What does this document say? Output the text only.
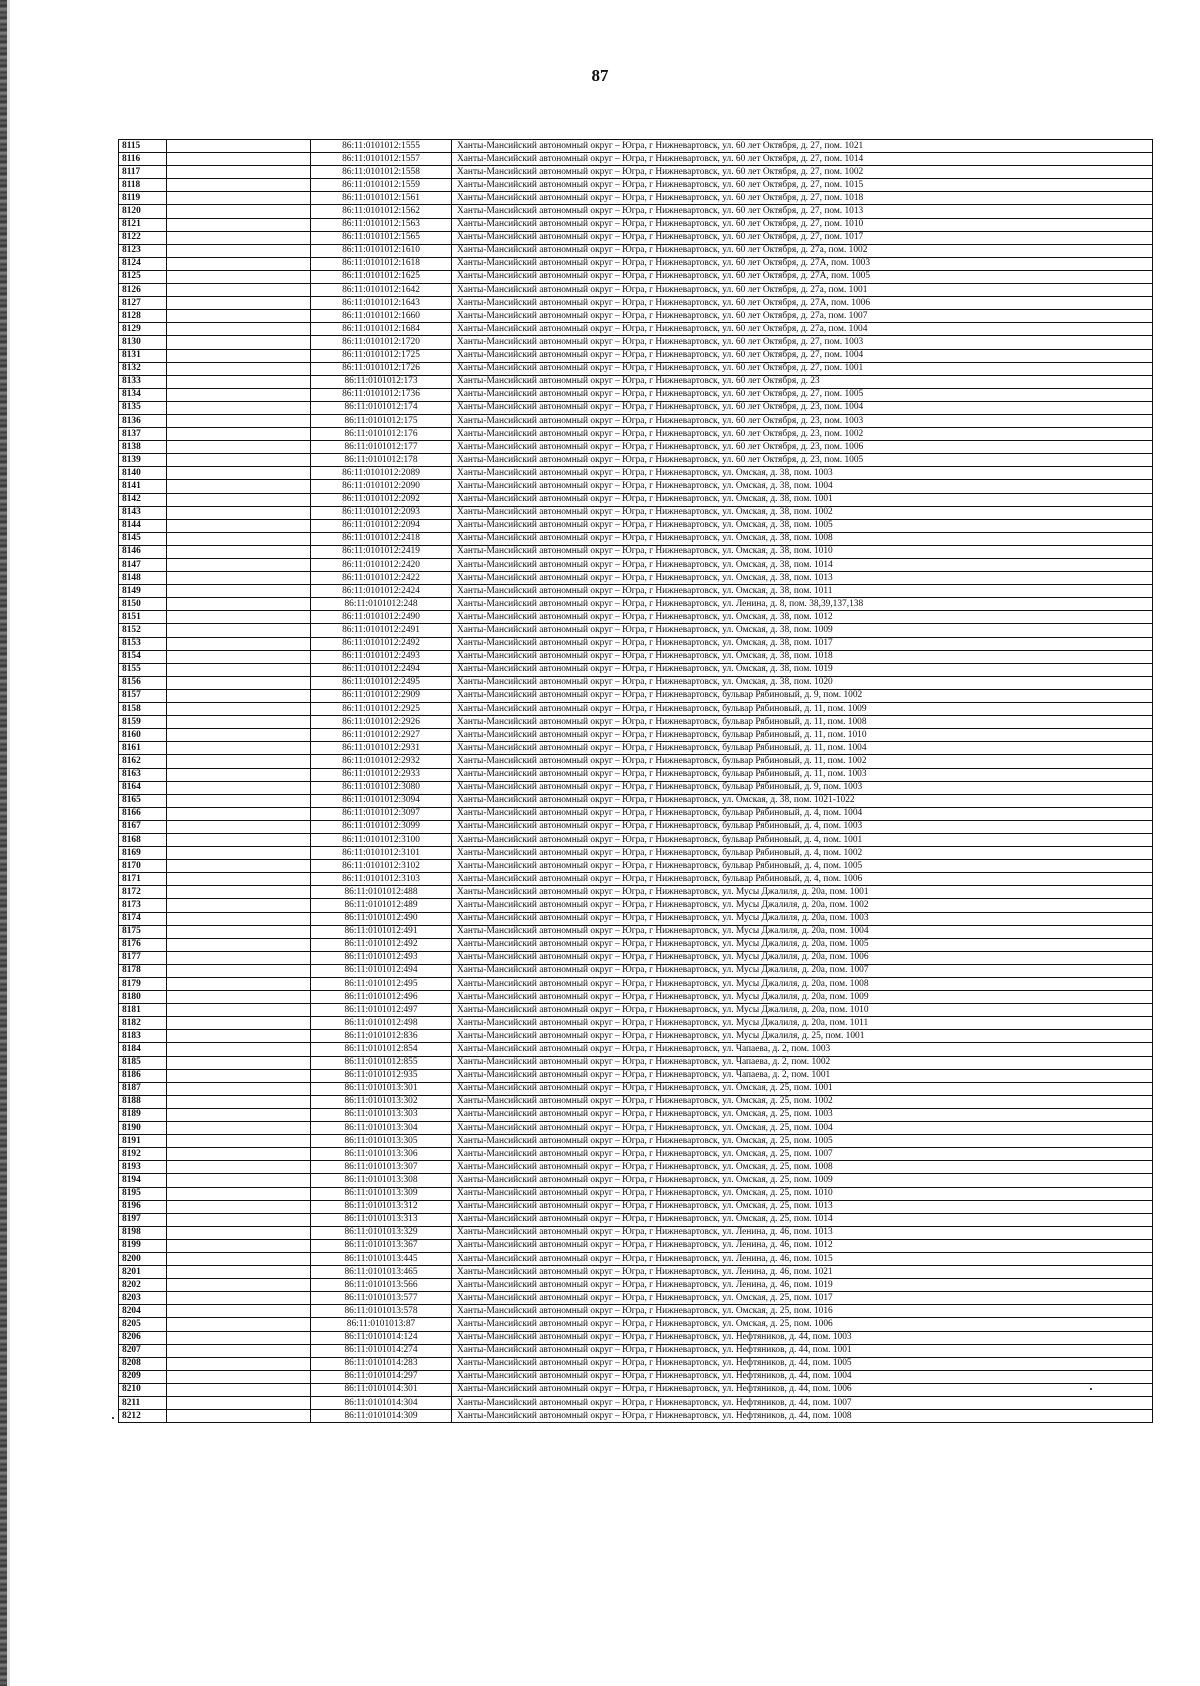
87
8115		86:11:0101012:1555	Ханты-Мансийский автономный округ – Югра, г Нижневартовск, ул. 60 лет Октября, д. 27, пом. 1021
8116		86:11:0101012:1557	Ханты-Мансийский автономный округ – Югра, г Нижневартовск, ул. 60 лет Октября, д. 27, пом. 1014
8117		86:11:0101012:1558	Ханты-Мансийский автономный округ – Югра, г Нижневартовск, ул. 60 лет Октября, д. 27, пом. 1002
8118		86:11:0101012:1559	Ханты-Мансийский автономный округ – Югра, г Нижневартовск, ул. 60 лет Октября, д. 27, пом. 1015
8119		86:11:0101012:1561	Ханты-Мансийский автономный округ – Югра, г Нижневартовск, ул. 60 лет Октября, д. 27, пом. 1018
8120		86:11:0101012:1562	Ханты-Мансийский автономный округ – Югра, г Нижневартовск, ул. 60 лет Октября, д. 27, пом. 1013
8121		86:11:0101012:1563	Ханты-Мансийский автономный округ – Югра, г Нижневартовск, ул. 60 лет Октября, д. 27, пом. 1010
8122		86:11:0101012:1565	Ханты-Мансийский автономный округ – Югра, г Нижневартовск, ул. 60 лет Октября, д. 27, пом. 1017
8123		86:11:0101012:1610	Ханты-Мансийский автономный округ – Югра, г Нижневартовск, ул. 60 лет Октября, д. 27а, пом. 1002
8124		86:11:0101012:1618	Ханты-Мансийский автономный округ – Югра, г Нижневартовск, ул. 60 лет Октября, д. 27А, пом. 1003
8125		86:11:0101012:1625	Ханты-Мансийский автономный округ – Югра, г Нижневартовск, ул. 60 лет Октября, д. 27А, пом. 1005
8126		86:11:0101012:1642	Ханты-Мансийский автономный округ – Югра, г Нижневартовск, ул. 60 лет Октября, д. 27а, пом. 1001
8127		86:11:0101012:1643	Ханты-Мансийский автономный округ – Югра, г Нижневартовск, ул. 60 лет Октября, д. 27А, пом. 1006
8128		86:11:0101012:1660	Ханты-Мансийский автономный округ – Югра, г Нижневартовск, ул. 60 лет Октября, д. 27а, пом. 1007
8129		86:11:0101012:1684	Ханты-Мансийский автономный округ – Югра, г Нижневартовск, ул. 60 лет Октября, д. 27а, пом. 1004
8130		86:11:0101012:1720	Ханты-Мансийский автономный округ – Югра, г Нижневартовск, ул. 60 лет Октября, д. 27, пом. 1003
8131		86:11:0101012:1725	Ханты-Мансийский автономный округ – Югра, г Нижневартовск, ул. 60 лет Октября, д. 27, пом. 1004
8132		86:11:0101012:1726	Ханты-Мансийский автономный округ – Югра, г Нижневартовск, ул. 60 лет Октября, д. 27, пом. 1001
8133		86:11:0101012:173	Ханты-Мансийский автономный округ – Югра, г Нижневартовск, ул. 60 лет Октября, д. 23
8134		86:11:0101012:1736	Ханты-Мансийский автономный округ – Югра, г Нижневартовск, ул. 60 лет Октября, д. 27, пом. 1005
8135		86:11:0101012:174	Ханты-Мансийский автономный округ – Югра, г Нижневартовск, ул. 60 лет Октября, д. 23, пом. 1004
8136		86:11:0101012:175	Ханты-Мансийский автономный округ – Югра, г Нижневартовск, ул. 60 лет Октября, д. 23, пом. 1003
8137		86:11:0101012:176	Ханты-Мансийский автономный округ – Югра, г Нижневартовск, ул. 60 лет Октября, д. 23, пом. 1002
8138		86:11:0101012:177	Ханты-Мансийский автономный округ – Югра, г Нижневартовск, ул. 60 лет Октября, д. 23, пом. 1006
8139		86:11:0101012:178	Ханты-Мансийский автономный округ – Югра, г Нижневартовск, ул. 60 лет Октября, д. 23, пом. 1005
8140		86:11:0101012:2089	Ханты-Мансийский автономный округ – Югра, г Нижневартовск, ул. Омская, д. 38, пом. 1003
8141		86:11:0101012:2090	Ханты-Мансийский автономный округ – Югра, г Нижневартовск, ул. Омская, д. 38, пом. 1004
8142		86:11:0101012:2092	Ханты-Мансийский автономный округ – Югра, г Нижневартовск, ул. Омская, д. 38, пом. 1001
8143		86:11:0101012:2093	Ханты-Мансийский автономный округ – Югра, г Нижневартовск, ул. Омская, д. 38, пом. 1002
8144		86:11:0101012:2094	Ханты-Мансийский автономный округ – Югра, г Нижневартовск, ул. Омская, д. 38, пом. 1005
8145		86:11:0101012:2418	Ханты-Мансийский автономный округ – Югра, г Нижневартовск, ул. Омская, д. 38, пом. 1008
8146		86:11:0101012:2419	Ханты-Мансийский автономный округ – Югра, г Нижневартовск, ул. Омская, д. 38, пом. 1010
8147		86:11:0101012:2420	Ханты-Мансийский автономный округ – Югра, г Нижневартовск, ул. Омская, д. 38, пом. 1014
8148		86:11:0101012:2422	Ханты-Мансийский автономный округ – Югра, г Нижневартовск, ул. Омская, д. 38, пом. 1013
8149		86:11:0101012:2424	Ханты-Мансийский автономный округ – Югра, г Нижневартовск, ул. Омская, д. 38, пом. 1011
8150		86:11:0101012:248	Ханты-Мансийский автономный округ – Югра, г Нижневартовск, ул. Ленина, д. 8, пом. 38,39,137,138
8151		86:11:0101012:2490	Ханты-Мансийский автономный округ – Югра, г Нижневартовск, ул. Омская, д. 38, пом. 1012
8152		86:11:0101012:2491	Ханты-Мансийский автономный округ – Югра, г Нижневартовск, ул. Омская, д. 38, пом. 1009
8153		86:11:0101012:2492	Ханты-Мансийский автономный округ – Югра, г Нижневартовск, ул. Омская, д. 38, пом. 1017
8154		86:11:0101012:2493	Ханты-Мансийский автономный округ – Югра, г Нижневартовск, ул. Омская, д. 38, пом. 1018
8155		86:11:0101012:2494	Ханты-Мансийский автономный округ – Югра, г Нижневартовск, ул. Омская, д. 38, пом. 1019
8156		86:11:0101012:2495	Ханты-Мансийский автономный округ – Югра, г Нижневартовск, ул. Омская, д. 38, пом. 1020
8157		86:11:0101012:2909	Ханты-Мансийский автономный округ – Югра, г Нижневартовск, бульвар Рябиновый, д. 9, пом. 1002
8158		86:11:0101012:2925	Ханты-Мансийский автономный округ – Югра, г Нижневартовск, бульвар Рябиновый, д. 11, пом. 1009
8159		86:11:0101012:2926	Ханты-Мансийский автономный округ – Югра, г Нижневартовск, бульвар Рябиновый, д. 11, пом. 1008
8160		86:11:0101012:2927	Ханты-Мансийский автономный округ – Югра, г Нижневартовск, бульвар Рябиновый, д. 11, пом. 1010
8161		86:11:0101012:2931	Ханты-Мансийский автономный округ – Югра, г Нижневартовск, бульвар Рябиновый, д. 11, пом. 1004
8162		86:11:0101012:2932	Ханты-Мансийский автономный округ – Югра, г Нижневартовск, бульвар Рябиновый, д. 11, пом. 1002
8163		86:11:0101012:2933	Ханты-Мансийский автономный округ – Югра, г Нижневартовск, бульвар Рябиновый, д. 11, пом. 1003
8164		86:11:0101012:3080	Ханты-Мансийский автономный округ – Югра, г Нижневартовск, бульвар Рябиновый, д. 9, пом. 1003
8165		86:11:0101012:3094	Ханты-Мансийский автономный округ – Югра, г Нижневартовск, ул. Омская, д. 38, пом. 1021-1022
8166		86:11:0101012:3097	Ханты-Мансийский автономный округ – Югра, г Нижневартовск, бульвар Рябиновый, д. 4, пом. 1004
8167		86:11:0101012:3099	Ханты-Мансийский автономный округ – Югра, г Нижневартовск, бульвар Рябиновый, д. 4, пом. 1003
8168		86:11:0101012:3100	Ханты-Мансийский автономный округ – Югра, г Нижневартовск, бульвар Рябиновый, д. 4, пом. 1001
8169		86:11:0101012:3101	Ханты-Мансийский автономный округ – Югра, г Нижневартовск, бульвар Рябиновый, д. 4, пом. 1002
8170		86:11:0101012:3102	Ханты-Мансийский автономный округ – Югра, г Нижневартовск, бульвар Рябиновый, д. 4, пом. 1005
8171		86:11:0101012:3103	Ханты-Мансийский автономный округ – Югра, г Нижневартовск, бульвар Рябиновый, д. 4, пом. 1006
8172		86:11:0101012:488	Ханты-Мансийский автономный округ – Югра, г Нижневартовск, ул. Мусы Джалиля, д. 20а, пом. 1001
8173		86:11:0101012:489	Ханты-Мансийский автономный округ – Югра, г Нижневартовск, ул. Мусы Джалиля, д. 20а, пом. 1002
8174		86:11:0101012:490	Ханты-Мансийский автономный округ – Югра, г Нижневартовск, ул. Мусы Джалиля, д. 20а, пом. 1003
8175		86:11:0101012:491	Ханты-Мансийский автономный округ – Югра, г Нижневартовск, ул. Мусы Джалиля, д. 20а, пом. 1004
8176		86:11:0101012:492	Ханты-Мансийский автономный округ – Югра, г Нижневартовск, ул. Мусы Джалиля, д. 20а, пом. 1005
8177		86:11:0101012:493	Ханты-Мансийский автономный округ – Югра, г Нижневартовск, ул. Мусы Джалиля, д. 20а, пом. 1006
8178		86:11:0101012:494	Ханты-Мансийский автономный округ – Югра, г Нижневартовск, ул. Мусы Джалиля, д. 20а, пом. 1007
8179		86:11:0101012:495	Ханты-Мансийский автономный округ – Югра, г Нижневартовск, ул. Мусы Джалиля, д. 20а, пом. 1008
8180		86:11:0101012:496	Ханты-Мансийский автономный округ – Югра, г Нижневартовск, ул. Мусы Джалиля, д. 20а, пом. 1009
8181		86:11:0101012:497	Ханты-Мансийский автономный округ – Югра, г Нижневартовск, ул. Мусы Джалиля, д. 20а, пом. 1010
8182		86:11:0101012:498	Ханты-Мансийский автономный округ – Югра, г Нижневартовск, ул. Мусы Джалиля, д. 20а, пом. 1011
8183		86:11:0101012:836	Ханты-Мансийский автономный округ – Югра, г Нижневартовск, ул. Мусы Джалиля, д. 25, пом. 1001
8184		86:11:0101012:854	Ханты-Мансийский автономный округ – Югра, г Нижневартовск, ул. Чапаева, д. 2, пом. 1003
8185		86:11:0101012:855	Ханты-Мансийский автономный округ – Югра, г Нижневартовск, ул. Чапаева, д. 2, пом. 1002
8186		86:11:0101012:935	Ханты-Мансийский автономный округ – Югра, г Нижневартовск, ул. Чапаева, д. 2, пом. 1001
8187		86:11:0101013:301	Ханты-Мансийский автономный округ – Югра, г Нижневартовск, ул. Омская, д. 25, пом. 1001
8188		86:11:0101013:302	Ханты-Мансийский автономный округ – Югра, г Нижневартовск, ул. Омская, д. 25, пом. 1002
8189		86:11:0101013:303	Ханты-Мансийский автономный округ – Югра, г Нижневартовск, ул. Омская, д. 25, пом. 1003
8190		86:11:0101013:304	Ханты-Мансийский автономный округ – Югра, г Нижневартовск, ул. Омская, д. 25, пом. 1004
8191		86:11:0101013:305	Ханты-Мансийский автономный округ – Югра, г Нижневартовск, ул. Омская, д. 25, пом. 1005
8192		86:11:0101013:306	Ханты-Мансийский автономный округ – Югра, г Нижневартовск, ул. Омская, д. 25, пом. 1007
8193		86:11:0101013:307	Ханты-Мансийский автономный округ – Югра, г Нижневартовск, ул. Омская, д. 25, пом. 1008
8194		86:11:0101013:308	Ханты-Мансийский автономный округ – Югра, г Нижневартовск, ул. Омская, д. 25, пом. 1009
8195		86:11:0101013:309	Ханты-Мансийский автономный округ – Югра, г Нижневартовск, ул. Омская, д. 25, пом. 1010
8196		86:11:0101013:312	Ханты-Мансийский автономный округ – Югра, г Нижневартовск, ул. Омская, д. 25, пом. 1013
8197		86:11:0101013:313	Ханты-Мансийский автономный округ – Югра, г Нижневартовск, ул. Омская, д. 25, пом. 1014
8198		86:11:0101013:329	Ханты-Мансийский автономный округ – Югра, г Нижневартовск, ул. Ленина, д. 46, пом. 1013
8199		86:11:0101013:367	Ханты-Мансийский автономный округ – Югра, г Нижневартовск, ул. Ленина, д. 46, пом. 1012
8200		86:11:0101013:445	Ханты-Мансийский автономный округ – Югра, г Нижневартовск, ул. Ленина, д. 46, пом. 1015
8201		86:11:0101013:465	Ханты-Мансийский автономный округ – Югра, г Нижневартовск, ул. Ленина, д. 46, пом. 1021
8202		86:11:0101013:566	Ханты-Мансийский автономный округ – Югра, г Нижневартовск, ул. Ленина, д. 46, пом. 1019
8203		86:11:0101013:577	Ханты-Мансийский автономный округ – Югра, г Нижневартовск, ул. Омская, д. 25, пом. 1017
8204		86:11:0101013:578	Ханты-Мансийский автономный округ – Югра, г Нижневартовск, ул. Омская, д. 25, пом. 1016
8205		86:11:0101013:87	Ханты-Мансийский автономный округ – Югра, г Нижневартовск, ул. Омская, д. 25, пом. 1006
8206		86:11:0101014:124	Ханты-Мансийский автономный округ – Югра, г Нижневартовск, ул. Нефтяников, д. 44, пом. 1003
8207		86:11:0101014:274	Ханты-Мансийский автономный округ – Югра, г Нижневартовск, ул. Нефтяников, д. 44, пом. 1001
8208		86:11:0101014:283	Ханты-Мансийский автономный округ – Югра, г Нижневартовск, ул. Нефтяников, д. 44, пом. 1005
8209		86:11:0101014:297	Ханты-Мансийский автономный округ – Югра, г Нижневартовск, ул. Нефтяников, д. 44, пом. 1004
8210		86:11:0101014:301	Ханты-Мансийский автономный округ – Югра, г Нижневартовск, ул. Нефтяников, д. 44, пом. 1006
8211		86:11:0101014:304	Ханты-Мансийский автономный округ – Югра, г Нижневартовск, ул. Нефтяников, д. 44, пом. 1007
8212		86:11:0101014:309	Ханты-Мансийский автономный округ – Югра, г Нижневартовск, ул. Нефтяников, д. 44, пом. 1008
